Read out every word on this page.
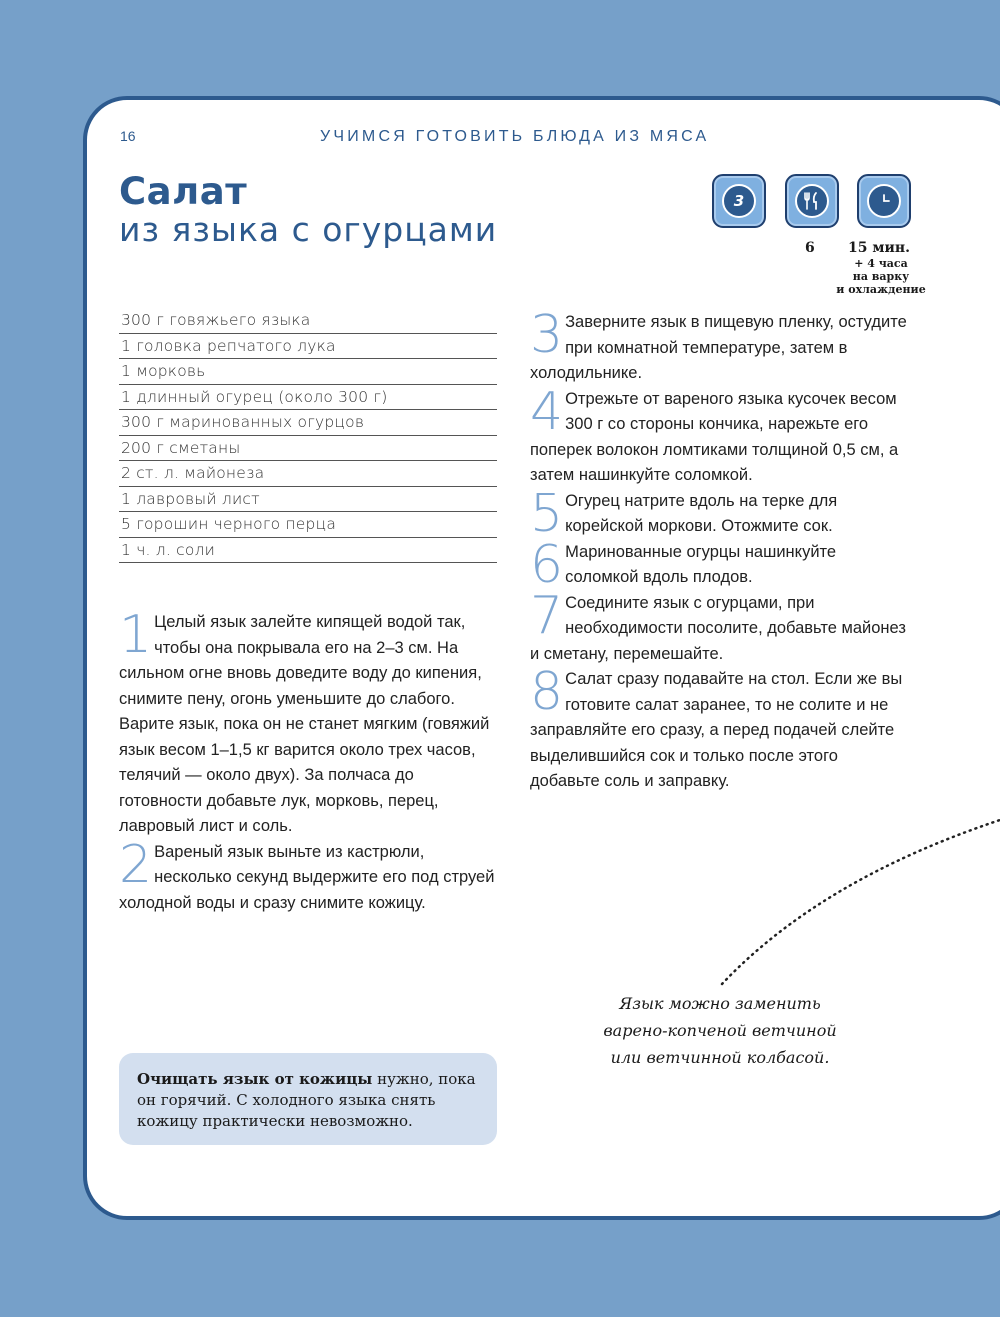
16	УЧИМСЯ ГОТОВИТЬ БЛЮДА ИЗ МЯСА
Салат
из языка с огурцами
3
6 15 мин.
+ 4 часа
на варку
и охлаждение
300 г говяжьего языка
1 головка репчатого лука
1 морковь
1 длинный огурец (около 300 г)
300 г маринованных огурцов
200 г сметаны
2 ст. л. майонеза
1 лавровый лист
5 горошин черного перца
1 ч. л. соли
1 Целый язык залейте кипящей водой так, чтобы она покрывала его на 2–3 см. На сильном огне вновь доведите воду до кипения, снимите пену, огонь уменьшите до слабого. Варите язык, пока он не станет мягким (говяжий язык весом 1–1,5 кг варится около трех часов, телячий — около двух). За полчаса до готовности добавьте лук, морковь, перец, лавровый лист и соль.
2 Вареный язык выньте из кастрюли, несколько секунд выдержите его под струей холодной воды и сразу снимите кожицу.
3 Заверните язык в пищевую пленку, остудите при комнатной температуре, затем в холодильнике.
4 Отрежьте от вареного языка кусочек весом 300 г со стороны кончика, нарежьте его поперек волокон ломтиками толщиной 0,5 см, а затем нашинкуйте соломкой.
5 Огурец натрите вдоль на терке для корейской моркови. Отожмите сок.
6 Маринованные огурцы нашинкуйте соломкой вдоль плодов.
7 Соедините язык с огурцами, при необходимости посолите, добавьте майонез и сметану, перемешайте.
8 Салат сразу подавайте на стол. Если же вы готовите салат заранее, то не солите и не заправляйте его сразу, а перед подачей слейте выделившийся сок и только после этого добавьте соль и заправку.
Очищать язык от кожицы нужно, пока он горячий. С холодного языка снять кожицу практически невозможно.
Язык можно заменить
варено-копченой ветчиной
или ветчинной колбасой.
